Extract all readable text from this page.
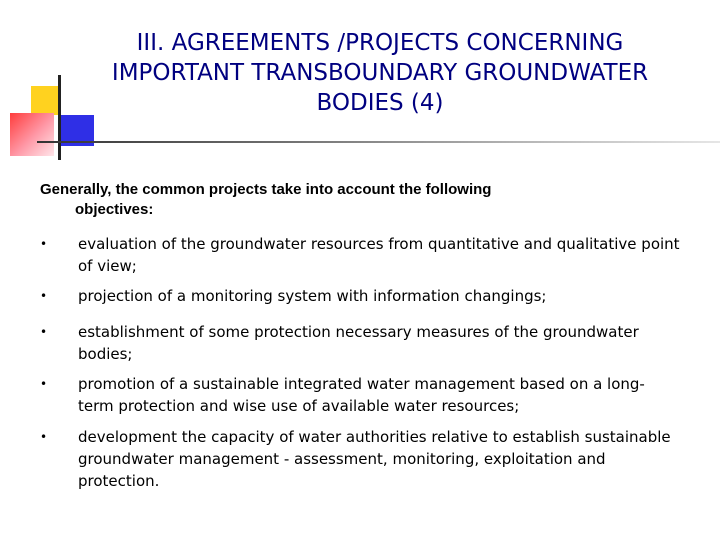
III. AGREEMENTS /PROJECTS CONCERNING
IMPORTANT TRANSBOUNDARY GROUNDWATER
BODIES (4)

Generally, the common projects take into account the following
objectives:

• evaluation of the groundwater resources from quantitative and qualitative point of view;
• projection of a monitoring system with information changings;
• establishment of some protection necessary measures of the groundwater bodies;
• promotion of a sustainable integrated water management based on a long-term protection and wise use of available water resources;
• development the capacity of water authorities relative to establish sustainable groundwater management - assessment, monitoring, exploitation and protection.
